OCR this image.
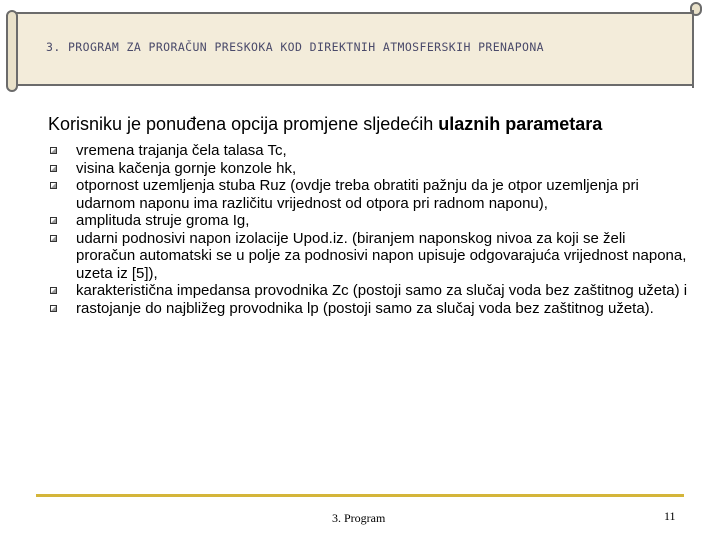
3. PROGRAM ZA PRORAČUN PRESKOKA KOD DIREKTNIH ATMOSFERSKIH PRENAPONA
Korisniku je ponuđena opcija promjene sljedećih ulaznih parametara
vremena trajanja čela talasa Tc,
visina kačenja gornje konzole hk,
otpornost uzemljenja stuba Ruz (ovdje treba obratiti pažnju da je otpor uzemljenja pri udarnom naponu ima različitu vrijednost od otpora pri radnom naponu),
amplituda struje groma Ig,
udarni podnosivi napon izolacije Upod.iz. (biranjem naponskog nivoa za koji se želi proračun automatski se u polje za podnosivi napon upisuje odgovarajuća vrijednost napona, uzeta iz [5]),
karakteristična impedansa provodnika Zc (postoji samo za slučaj voda bez zaštitnog užeta) i
rastojanje do najbližeg provodnika lp (postoji samo za slučaj voda bez zaštitnog užeta).
3. Program	11
